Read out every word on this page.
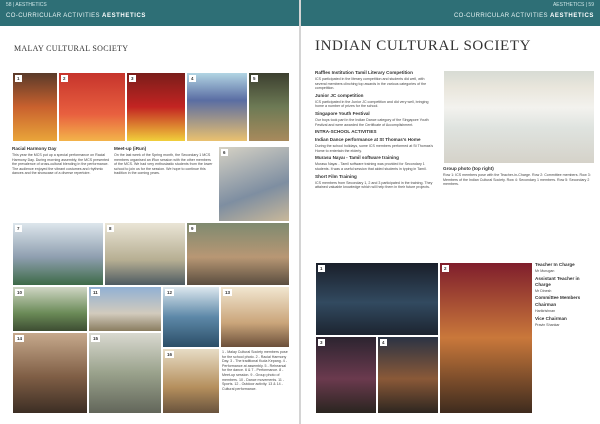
58 | AESTHETICS
CO-CURRICULAR ACTIVITIES AESTHETICS
MALAY CULTURAL SOCIETY
1	2	3	4	5
Racial Harmony Day

This year the MCS put up a special performance on Racial Harmony Day. During morning assembly, the MCS presented the prevalence of cross-cultural blending in the performance. The audience enjoyed the vibrant costumes and rhythmic dances and the showcase of a diverse repertoire.

Meet-up (iRun)

On the last week of the Spring month, the Secondary 1 MCS members organised an iRun session with the other members of the MCS. We had very enthusiastic students from the lower school to join us for the session. We hope to continue this tradition in the coming years.

6
7	8	9
10	11	12	13
14	15
16	1 - Malay Cultural Society members pose for the school photo. 2 - Racial Harmony Day. 3 - The traditional Kuda Kepang. 4 - Performance at assembly. 5 - Rehearsal for the dance. 6 & 7 - Performance. 8 - Meet-up session. 9 - Group photo of members. 10 - Dance movements. 11 - Sports. 12 - Outdoor activity. 13 & 14 - Cultural performance.

AESTHETICS | 59
CO-CURRICULAR ACTIVITIES AESTHETICS
INDIAN CULTURAL SOCIETY
Raffles Institution Tamil Literary Competition

ICS participated in the literary competition and students did well, with several members clinching top awards in the various categories of the competition.

Junior JC competition

ICS participated in the Junior JC competition and did very well, bringing home a number of prizes for the school.

Singapore Youth Festival

Our boys took part in the Indian Dance category of the Singapore Youth Festival and were awarded the Certificate of Accomplishment.

INTRA-SCHOOL ACTIVITIES

Indian Dance performance at St Thomas's Home

During the school holidays, some ICS members performed at St Thomas's Home to entertain the elderly.

Murasu Nayaı - Tamil software training

Murasu Nayaı - Tamil software training was provided for Secondary 1 students. It was a useful session that aided students in typing in Tamil.

Short Film Training

ICS members from Secondary 1, 2 and 3 participated in the training. They attained valuable knowledge which will help them in their future projects.

Group photo (top right)

Row 1: ICS members pose with the Teacher-in-Charge. Row 2: Committee members. Row 3: Members of the Indian Cultural Society. Row 4: Secondary 1 members. Row 5: Secondary 2 members.

1	2
3	4
Teacher In Charge

Mr Murugan

Assistant Teacher in Charge

Mr Dinesh

Committee Members
Chairman

Harikrishnan

Vice Chairman

Pravin Shankar
